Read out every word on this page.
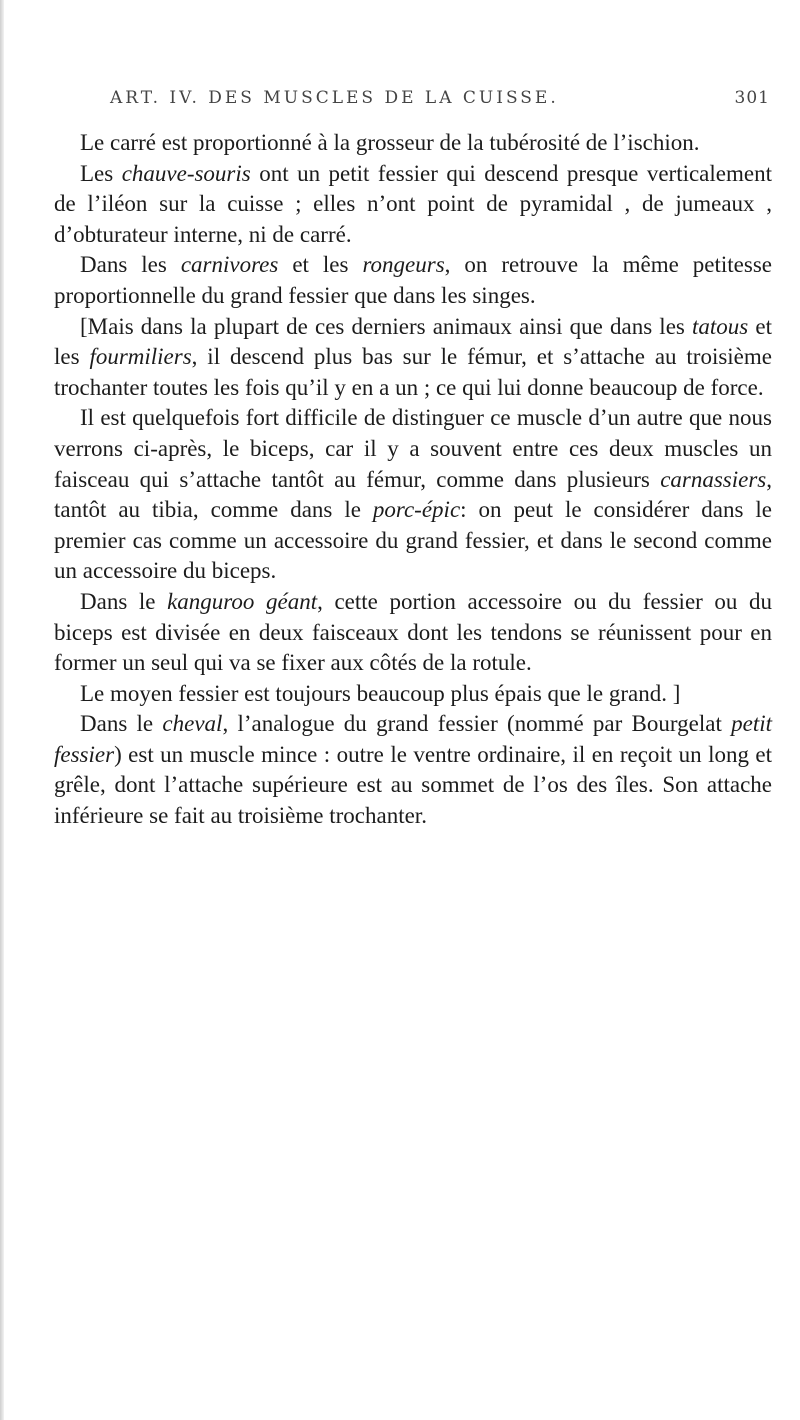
ART. IV. DES MUSCLES DE LA CUISSE.	301

Le carré est proportionné à la grosseur de la tubérosité de l’ischion.

Les chauve-souris ont un petit fessier qui descend presque verticalement de l’iléon sur la cuisse ; elles n’ont point de pyramidal , de jumeaux , d’obturateur interne, ni de carré.

Dans les carnivores et les rongeurs, on retrouve la même petitesse proportionnelle du grand fessier que dans les singes.

[Mais dans la plupart de ces derniers animaux ainsi que dans les tatous et les fourmiliers, il descend plus bas sur le fémur, et s’attache au troisième trochanter toutes les fois qu’il y en a un ; ce qui lui donne beaucoup de force.

Il est quelquefois fort difficile de distinguer ce muscle d’un autre que nous verrons ci-après, le biceps, car il y a souvent entre ces deux muscles un faisceau qui s’attache tantôt au fémur, comme dans plusieurs carnassiers, tantôt au tibia, comme dans le porc-épic: on peut le considérer dans le premier cas comme un accessoire du grand fessier, et dans le second comme un accessoire du biceps.

Dans le kanguroo géant, cette portion accessoire ou du fessier ou du biceps est divisée en deux faisceaux dont les tendons se réunissent pour en former un seul qui va se fixer aux côtés de la rotule.

Le moyen fessier est toujours beaucoup plus épais que le grand. ]

Dans le cheval, l’analogue du grand fessier (nommé par Bourgelat petit fessier) est un muscle mince : outre le ventre ordinaire, il en reçoit un long et grêle, dont l’attache supérieure est au sommet de l’os des îles. Son attache inférieure se fait au troisième trochanter.
